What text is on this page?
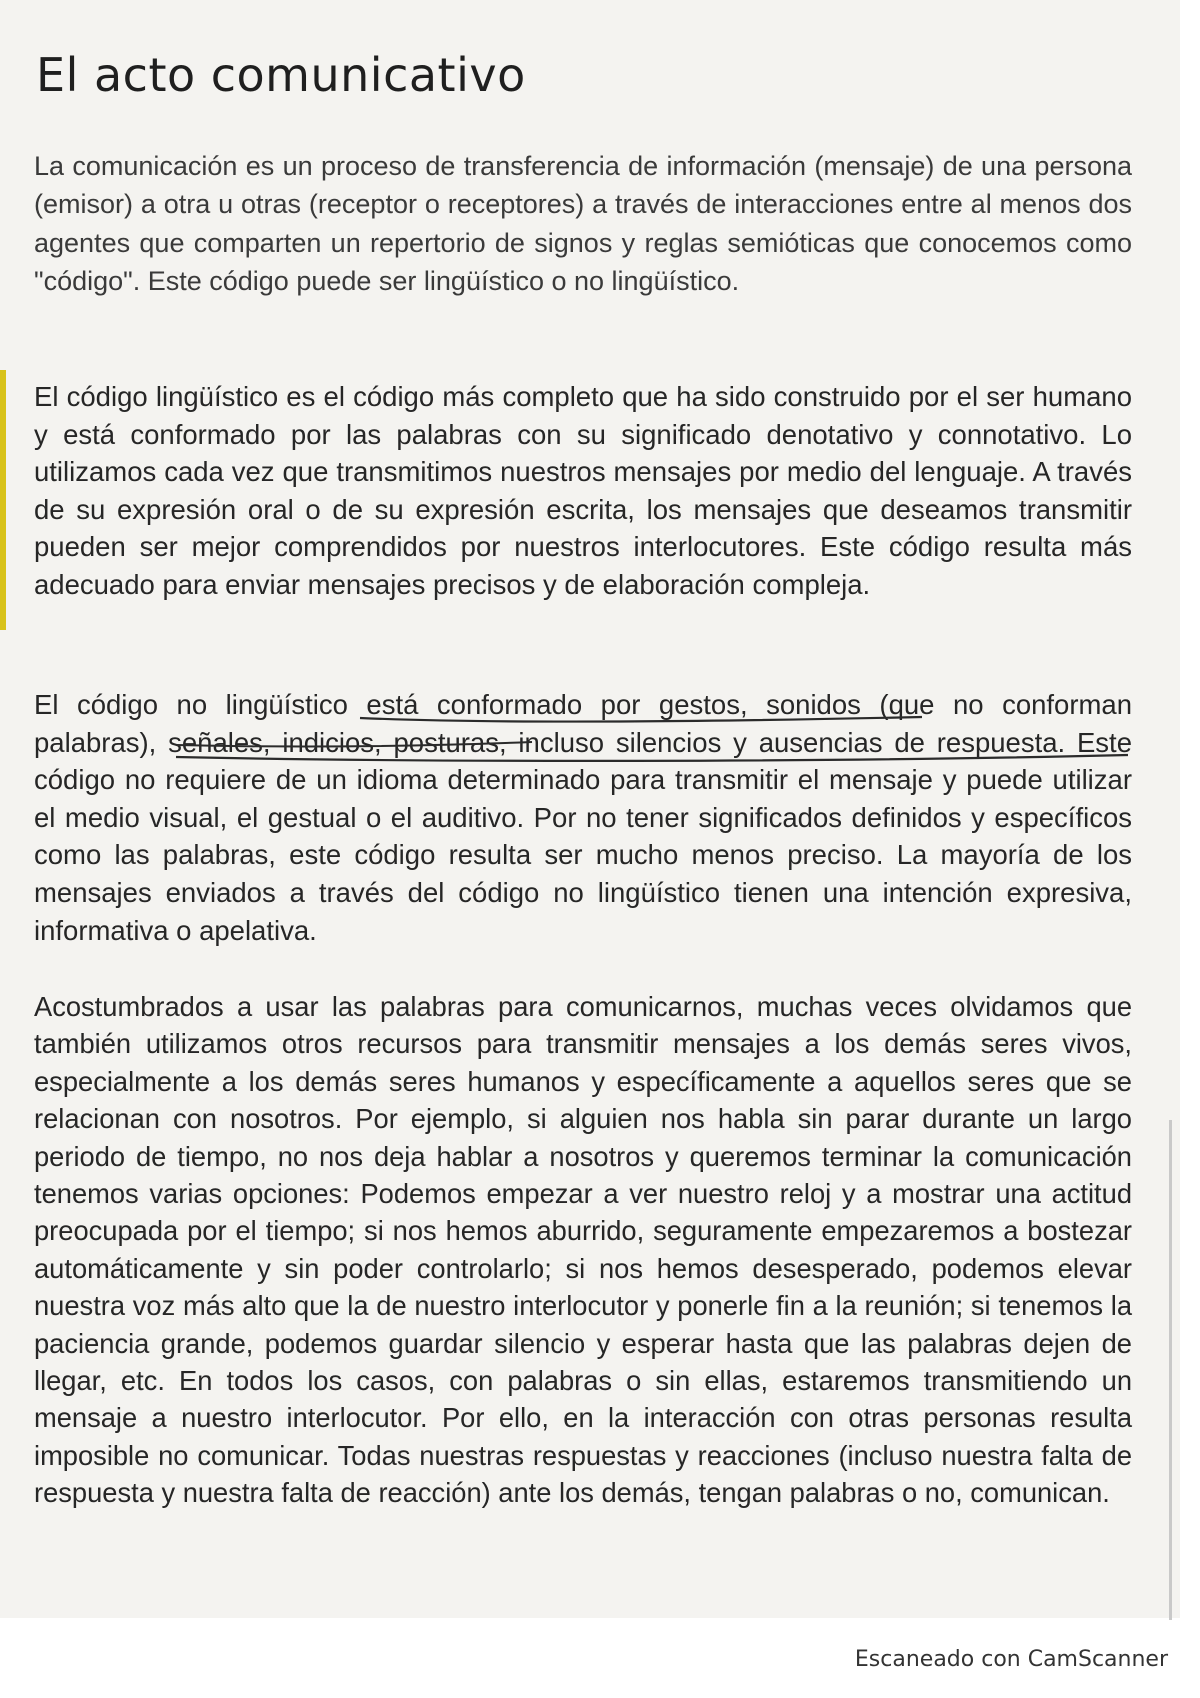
El acto comunicativo

La comunicación es un proceso de transferencia de información (mensaje) de una persona (emisor) a otra u otras (receptor o receptores) a través de interacciones entre al menos dos agentes que comparten un repertorio de signos y reglas semióticas que conocemos como "código". Este código puede ser lingüístico o no lingüístico.

El código lingüístico es el código más completo que ha sido construido por el ser humano y está conformado por las palabras con su significado denotativo y connotativo. Lo utilizamos cada vez que transmitimos nuestros mensajes por medio del lenguaje. A través de su expresión oral o de su expresión escrita, los mensajes que deseamos transmitir pueden ser mejor comprendidos por nuestros interlocutores. Este código resulta más adecuado para enviar mensajes precisos y de elaboración compleja.

El código no lingüístico está conformado por gestos, sonidos (que no conforman palabras), señales, indicios, posturas, incluso silencios y ausencias de respuesta. Este código no requiere de un idioma determinado para transmitir el mensaje y puede utilizar el medio visual, el gestual o el auditivo. Por no tener significados definidos y específicos como las palabras, este código resulta ser mucho menos preciso. La mayoría de los mensajes enviados a través del código no lingüístico tienen una intención expresiva, informativa o apelativa.

Acostumbrados a usar las palabras para comunicarnos, muchas veces olvidamos que también utilizamos otros recursos para transmitir mensajes a los demás seres vivos, especialmente a los demás seres humanos y específicamente a aquellos seres que se relacionan con nosotros. Por ejemplo, si alguien nos habla sin parar durante un largo periodo de tiempo, no nos deja hablar a nosotros y queremos terminar la comunicación tenemos varias opciones: Podemos empezar a ver nuestro reloj y a mostrar una actitud preocupada por el tiempo; si nos hemos aburrido, seguramente empezaremos a bostezar automáticamente y sin poder controlarlo; si nos hemos desesperado, podemos elevar nuestra voz más alto que la de nuestro interlocutor y ponerle fin a la reunión; si tenemos la paciencia grande, podemos guardar silencio y esperar hasta que las palabras dejen de llegar, etc. En todos los casos, con palabras o sin ellas, estaremos transmitiendo un mensaje a nuestro interlocutor. Por ello, en la interacción con otras personas resulta imposible no comunicar. Todas nuestras respuestas y reacciones (incluso nuestra falta de respuesta y nuestra falta de reacción) ante los demás, tengan palabras o no, comunican.

Escaneado con CamScanner
